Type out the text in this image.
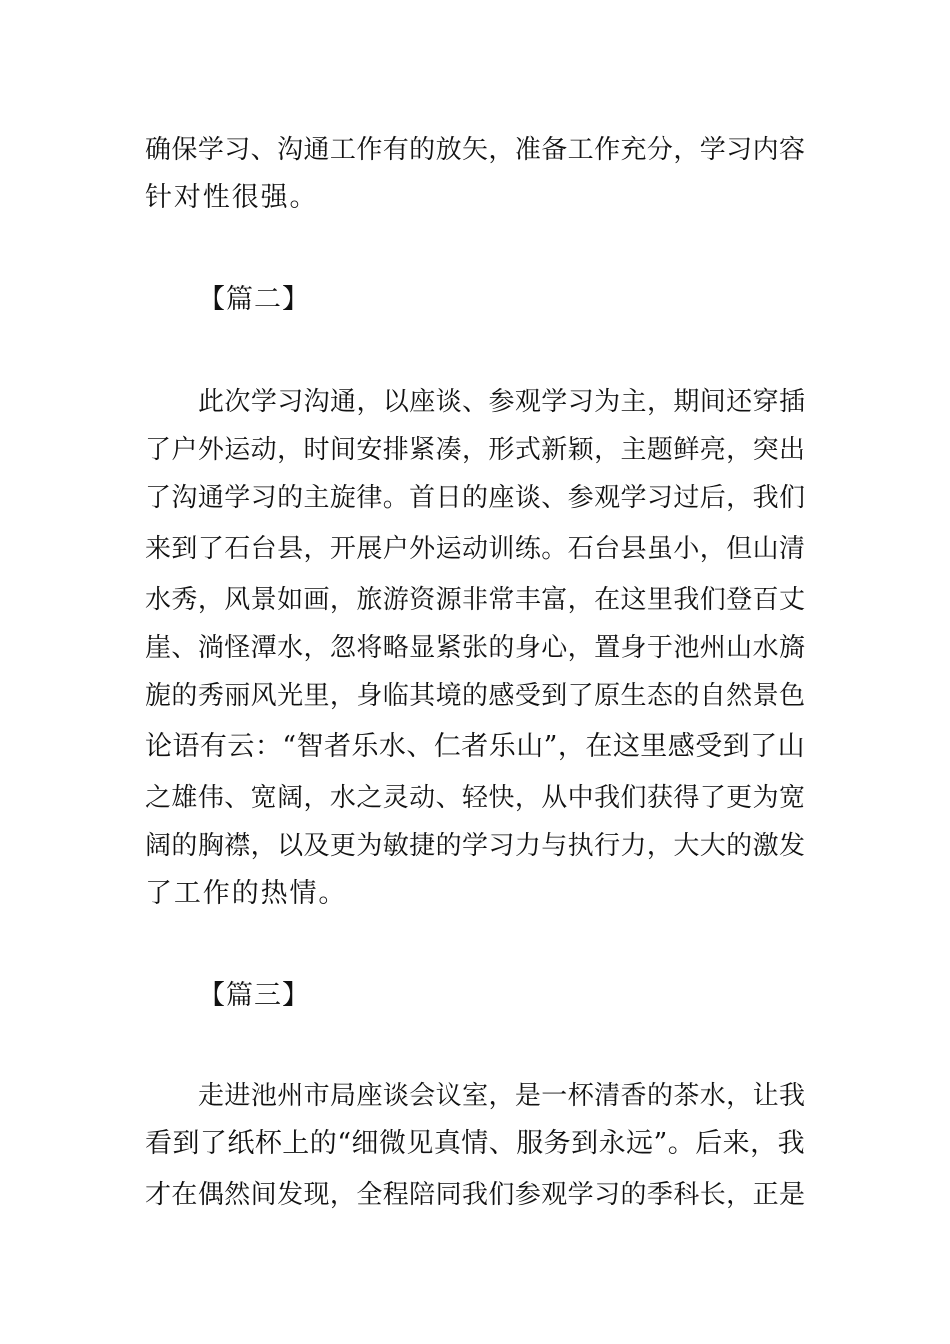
确保学习、沟通工作有的放矢，准备工作充分，学习内容
针对性很强。
【篇二】
此次学习沟通，以座谈、参观学习为主，期间还穿插
了户外运动，时间安排紧凑，形式新颖，主题鲜亮，突出
了沟通学习的主旋律。首日的座谈、参观学习过后，我们
来到了石台县，开展户外运动训练。石台县虽小，但山清
水秀，风景如画，旅游资源非常丰富，在这里我们登百丈
崖、淌怪潭水，忽将略显紧张的身心，置身于池州山水旖
旎的秀丽风光里，身临其境的感受到了原生态的自然景色
论语有云：“智者乐水、仁者乐山”，在这里感受到了山
之雄伟、宽阔，水之灵动、轻快，从中我们获得了更为宽
阔的胸襟，以及更为敏捷的学习力与执行力，大大的激发
了工作的热情。
【篇三】
走进池州市局座谈会议室，是一杯清香的茶水，让我
看到了纸杯上的“细微见真情、服务到永远”。后来，我
才在偶然间发现，全程陪同我们参观学习的季科长，正是
